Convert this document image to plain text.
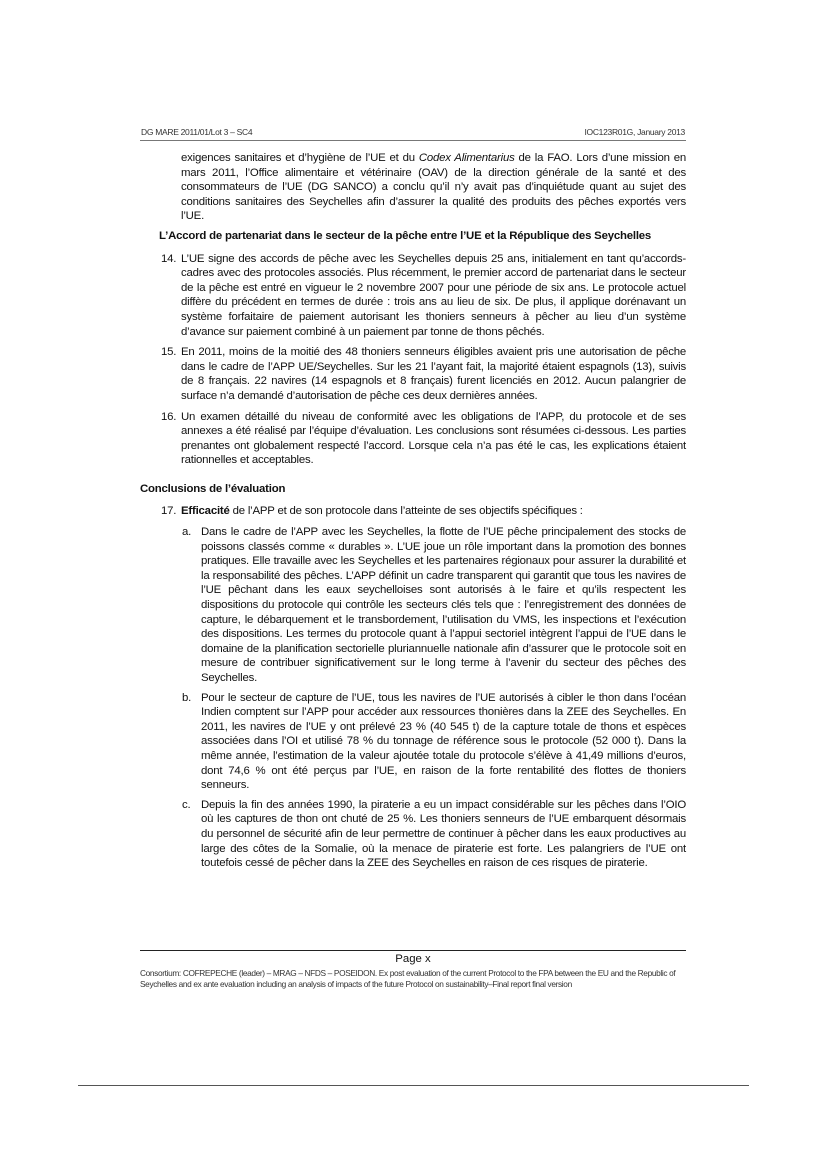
DG MARE 2011/01/Lot 3 – SC4	IOC123R01G, January 2013

exigences sanitaires et d’hygiène de l’UE et du Codex Alimentarius de la FAO. Lors d’une mission en mars 2011, l’Office alimentaire et vétérinaire (OAV) de la direction générale de la santé et des consommateurs de l’UE (DG SANCO) a conclu qu’il n’y avait pas d’inquiétude quant au sujet des conditions sanitaires des Seychelles afin d’assurer la qualité des produits des pêches exportés vers l’UE.

L’Accord de partenariat dans le secteur de la pêche entre l’UE et la République des Seychelles

14. L’UE signe des accords de pêche avec les Seychelles depuis 25 ans, initialement en tant qu’accords-cadres avec des protocoles associés. Plus récemment, le premier accord de partenariat dans le secteur de la pêche est entré en vigueur le 2 novembre 2007 pour une période de six ans. Le protocole actuel diffère du précédent en termes de durée : trois ans au lieu de six. De plus, il applique dorénavant un système forfaitaire de paiement autorisant les thoniers senneurs à pêcher au lieu d’un système d’avance sur paiement combiné à un paiement par tonne de thons pêchés.

15. En 2011, moins de la moitié des 48 thoniers senneurs éligibles avaient pris une autorisation de pêche dans le cadre de l’APP UE/Seychelles. Sur les 21 l’ayant fait, la majorité étaient espagnols (13), suivis de 8 français. 22 navires (14 espagnols et 8 français) furent licenciés en 2012. Aucun palangrier de surface n’a demandé d’autorisation de pêche ces deux dernières années.

16. Un examen détaillé du niveau de conformité avec les obligations de l’APP, du protocole et de ses annexes a été réalisé par l’équipe d’évaluation. Les conclusions sont résumées ci-dessous. Les parties prenantes ont globalement respecté l’accord. Lorsque cela n’a pas été le cas, les explications étaient rationnelles et acceptables.

Conclusions de l’évaluation

17. Efficacité de l’APP et de son protocole dans l’atteinte de ses objectifs spécifiques :

a. Dans le cadre de l’APP avec les Seychelles, la flotte de l’UE pêche principalement des stocks de poissons classés comme « durables ». L’UE joue un rôle important dans la promotion des bonnes pratiques. Elle travaille avec les Seychelles et les partenaires régionaux pour assurer la durabilité et la responsabilité des pêches. L’APP définit un cadre transparent qui garantit que tous les navires de l’UE pêchant dans les eaux seychelloises sont autorisés à le faire et qu’ils respectent les dispositions du protocole qui contrôle les secteurs clés tels que : l’enregistrement des données de capture, le débarquement et le transbordement, l’utilisation du VMS, les inspections et l’exécution des dispositions. Les termes du protocole quant à l’appui sectoriel intègrent l’appui de l’UE dans le domaine de la planification sectorielle pluriannuelle nationale afin d’assurer que le protocole soit en mesure de contribuer significativement sur le long terme à l’avenir du secteur des pêches des Seychelles.

b. Pour le secteur de capture de l’UE, tous les navires de l’UE autorisés à cibler le thon dans l’océan Indien comptent sur l’APP pour accéder aux ressources thonières dans la ZEE des Seychelles. En 2011, les navires de l’UE y ont prélevé 23 % (40 545 t) de la capture totale de thons et espèces associées dans l’OI et utilisé 78 % du tonnage de référence sous le protocole (52 000 t). Dans la même année, l’estimation de la valeur ajoutée totale du protocole s’élève à 41,49 millions d’euros, dont 74,6 % ont été perçus par l’UE, en raison de la forte rentabilité des flottes de thoniers senneurs.

c. Depuis la fin des années 1990, la piraterie a eu un impact considérable sur les pêches dans l’OIO où les captures de thon ont chuté de 25 %. Les thoniers senneurs de l’UE embarquent désormais du personnel de sécurité afin de leur permettre de continuer à pêcher dans les eaux productives au large des côtes de la Somalie, où la menace de piraterie est forte. Les palangriers de l’UE ont toutefois cessé de pêcher dans la ZEE des Seychelles en raison de ces risques de piraterie.

Page x
Consortium: COFREPECHE (leader) – MRAG – NFDS – POSEIDON. Ex post evaluation of the current Protocol to the FPA between the EU and the Republic of Seychelles and ex ante evaluation including an analysis of impacts of the future Protocol on sustainability–Final report final version
